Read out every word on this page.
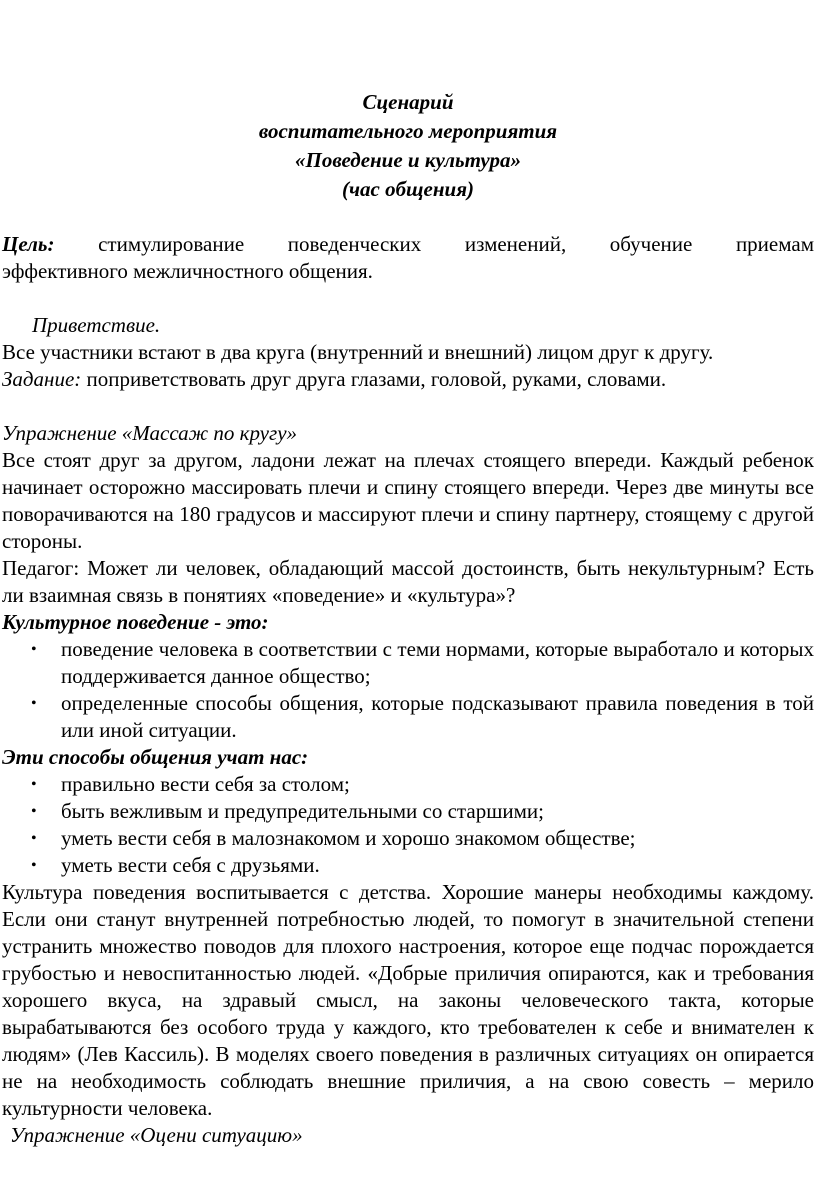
Сценарий
воспитательного мероприятия
«Поведение и культура»
(час общения)

Цель: стимулирование поведенческих изменений, обучение приемам

эффективного межличностного общения.

Приветствие.

Все участники встают в два круга (внутренний и внешний) лицом друг к другу.

Задание: поприветствовать друг друга глазами, головой, руками, словами.

Упражнение «Массаж по кругу»

Все стоят друг за другом, ладони лежат на плечах стоящего впереди. Каждый ребенок начинает осторожно массировать плечи и спину стоящего впереди. Через две минуты все поворачиваются на 180 градусов и массируют плечи и спину партнеру, стоящему с другой стороны.

Педагог: Может ли человек, обладающий массой достоинств, быть некультурным? Есть ли взаимная связь в понятиях «поведение» и «культура»?

Культурное поведение - это:

• поведение человека в соответствии с теми нормами, которые выработало и которых поддерживается данное общество;
• определенные способы общения, которые подсказывают правила поведения в той или иной ситуации.

Эти способы общения учат нас:

• правильно вести себя за столом;
• быть вежливым и предупредительными со старшими;
• уметь вести себя в малознакомом и хорошо знакомом обществе;
• уметь вести себя с друзьями.

Культура поведения воспитывается с детства. Хорошие манеры необходимы каждому. Если они станут внутренней потребностью людей, то помогут в значительной степени устранить множество поводов для плохого настроения, которое еще подчас порождается грубостью и невоспитанностью людей. «Добрые приличия опираются, как и требования хорошего вкуса, на здравый смысл, на законы человеческого такта, которые вырабатываются без особого труда у каждого, кто требователен к себе и внимателен к людям» (Лев Кассиль). В моделях своего поведения в различных ситуациях он опирается не на необходимость соблюдать внешние приличия, а на свою совесть – мерило культурности человека.

Упражнение «Оцени ситуацию»
